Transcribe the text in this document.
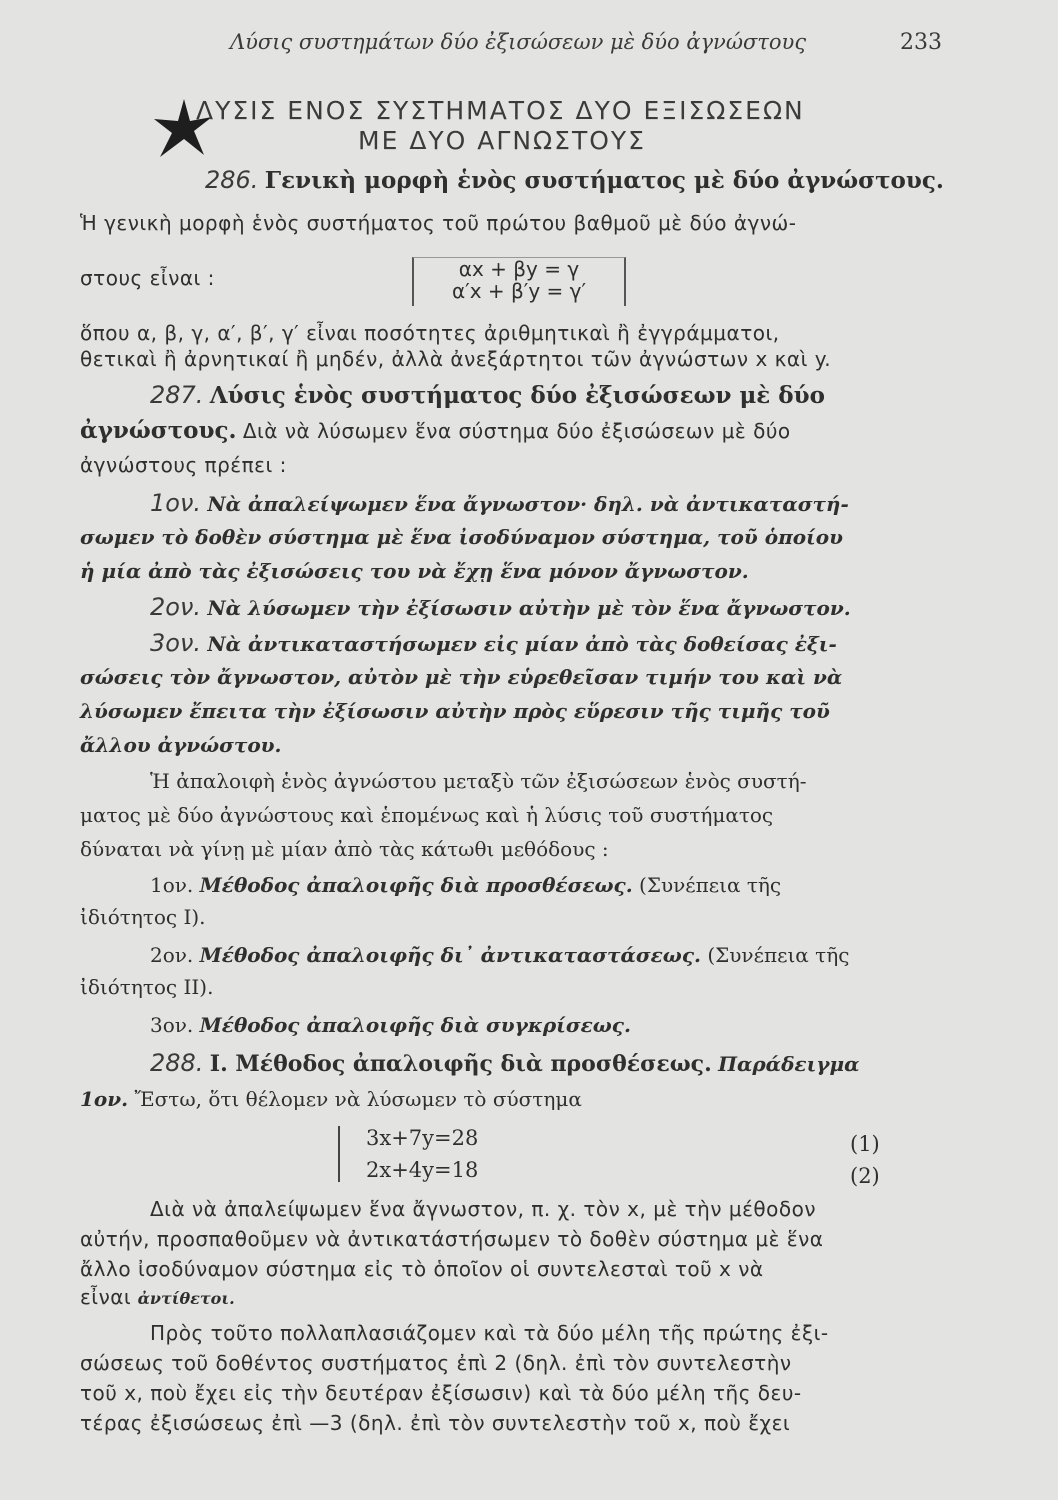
Λύσις συστημάτων δύο ἐξισώσεων μὲ δύο ἀγνώστους	233
ΛΥΣΙΣ ΕΝΟΣ ΣΥΣΤΗΜΑΤΟΣ ΔΥΟ ΕΞΙΣΩΣΕΩΝ
ΜΕ ΔΥΟ ΑΓΝΩΣΤΟΥΣ
286. Γενικὴ μορφὴ ἑνὸς συστήματος μὲ δύο ἀγνώστους.
Ἡ γενικὴ μορφὴ ἑνὸς συστήματος τοῦ πρώτου βαθμοῦ μὲ δύο ἀγνώ-
στους εἶναι :	αx + βy = γ
α′x + β′y = γ′
ὅπου α, β, γ, α′, β′, γ′ εἶναι ποσότητες ἀριθμητικαὶ ἢ ἐγγράμματοι,
θετικαὶ ἢ ἀρνητικαί ἢ μηδέν, ἀλλὰ ἀνεξάρτητοι τῶν ἀγνώστων x καὶ y.
287. Λύσις ἑνὸς συστήματος δύο ἐξισώσεων μὲ δύο
ἀγνώστους. Διὰ νὰ λύσωμεν ἕνα σύστημα δύο ἐξισώσεων μὲ δύο
ἀγνώστους πρέπει :
1ον. Νὰ ἀπαλείψωμεν ἕνα ἄγνωστον· δηλ. νὰ ἀντικαταστή-
σωμεν τὸ δοθὲν σύστημα μὲ ἕνα ἰσοδύναμον σύστημα, τοῦ ὁποίου
ἡ μία ἀπὸ τὰς ἐξισώσεις του νὰ ἔχῃ ἕνα μόνον ἄγνωστον.
2ον. Νὰ λύσωμεν τὴν ἐξίσωσιν αὐτὴν μὲ τὸν ἕνα ἄγνωστον.
3ον. Νὰ ἀντικαταστήσωμεν εἰς μίαν ἀπὸ τὰς δοθείσας ἐξι-
σώσεις τὸν ἄγνωστον, αὐτὸν μὲ τὴν εὑρεθεῖσαν τιμήν του καὶ νὰ
λύσωμεν ἔπειτα τὴν ἐξίσωσιν αὐτὴν πρὸς εὕρεσιν τῆς τιμῆς τοῦ
ἄλλου ἀγνώστου.
Ἡ ἀπαλοιφὴ ἑνὸς ἀγνώστου μεταξὺ τῶν ἐξισώσεων ἑνὸς συστή-
ματος μὲ δύο ἀγνώστους καὶ ἑπομένως καὶ ἡ λύσις τοῦ συστήματος
δύναται νὰ γίνῃ μὲ μίαν ἀπὸ τὰς κάτωθι μεθόδους :
1ον. Μέθοδος ἀπαλοιφῆς διὰ προσθέσεως. (Συνέπεια τῆς
ἰδιότητος Ι).
2ον. Μέθοδος ἀπαλοιφῆς δι᾽ ἀντικαταστάσεως. (Συνέπεια τῆς
ἰδιότητος ΙΙ).
3ον. Μέθοδος ἀπαλοιφῆς διὰ συγκρίσεως.
288. Ι. Μέθοδος ἀπαλοιφῆς διὰ προσθέσεως. Παράδειγμα
1ον. Ἔστω, ὅτι θέλομεν νὰ λύσωμεν τὸ σύστημα
3x+7y=28	(1)
2x+4y=18	(2)
Διὰ νὰ ἀπαλείψωμεν ἕνα ἄγνωστον, π. χ. τὸν x, μὲ τὴν μέθοδον
αὐτήν, προσπαθοῦμεν νὰ ἀντικατάστήσωμεν τὸ δοθὲν σύστημα μὲ ἕνα
ἄλλο ἰσοδύναμον σύστημα εἰς τὸ ὁποῖον οἱ συντελεσταὶ τοῦ x νὰ
εἶναι ἀντίθετοι.
Πρὸς τοῦτο πολλαπλασιάζομεν καὶ τὰ δύο μέλη τῆς πρώτης ἐξι-
σώσεως τοῦ δοθέντος συστήματος ἐπὶ 2 (δηλ. ἐπὶ τὸν συντελεστὴν
τοῦ x, ποὺ ἔχει εἰς τὴν δευτέραν ἐξίσωσιν) καὶ τὰ δύο μέλη τῆς δευ-
τέρας ἐξισώσεως ἐπὶ —3 (δηλ. ἐπὶ τὸν συντελεστὴν τοῦ x, ποὺ ἔχει
